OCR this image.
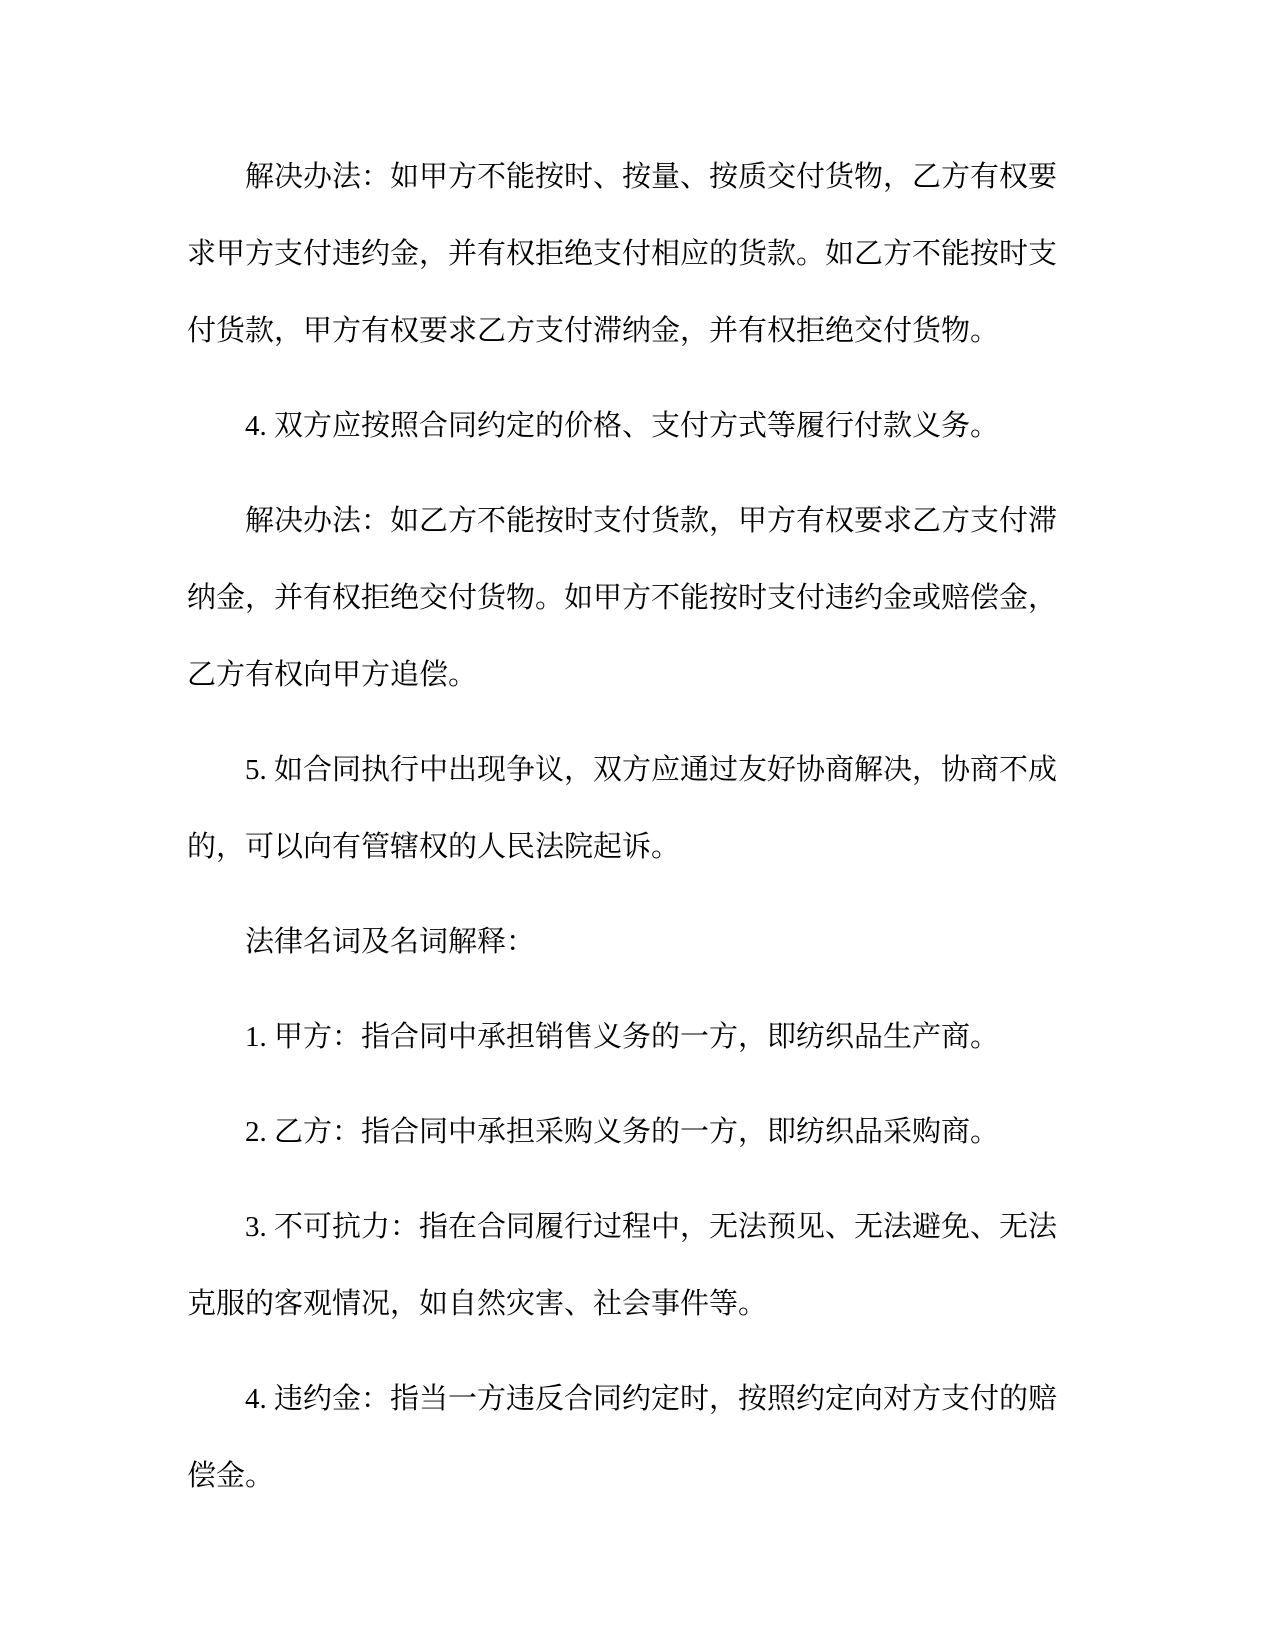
解决办法：如甲方不能按时、按量、按质交付货物，乙方有权要求甲方支付违约金，并有权拒绝支付相应的货款。如乙方不能按时支付货款，甲方有权要求乙方支付滞纳金，并有权拒绝交付货物。

4. 双方应按照合同约定的价格、支付方式等履行付款义务。

解决办法：如乙方不能按时支付货款，甲方有权要求乙方支付滞纳金，并有权拒绝交付货物。如甲方不能按时支付违约金或赔偿金，乙方有权向甲方追偿。

5. 如合同执行中出现争议，双方应通过友好协商解决，协商不成的，可以向有管辖权的人民法院起诉。

法律名词及名词解释：

1. 甲方：指合同中承担销售义务的一方，即纺织品生产商。

2. 乙方：指合同中承担采购义务的一方，即纺织品采购商。

3. 不可抗力：指在合同履行过程中，无法预见、无法避免、无法克服的客观情况，如自然灾害、社会事件等。

4. 违约金：指当一方违反合同约定时，按照约定向对方支付的赔偿金。
